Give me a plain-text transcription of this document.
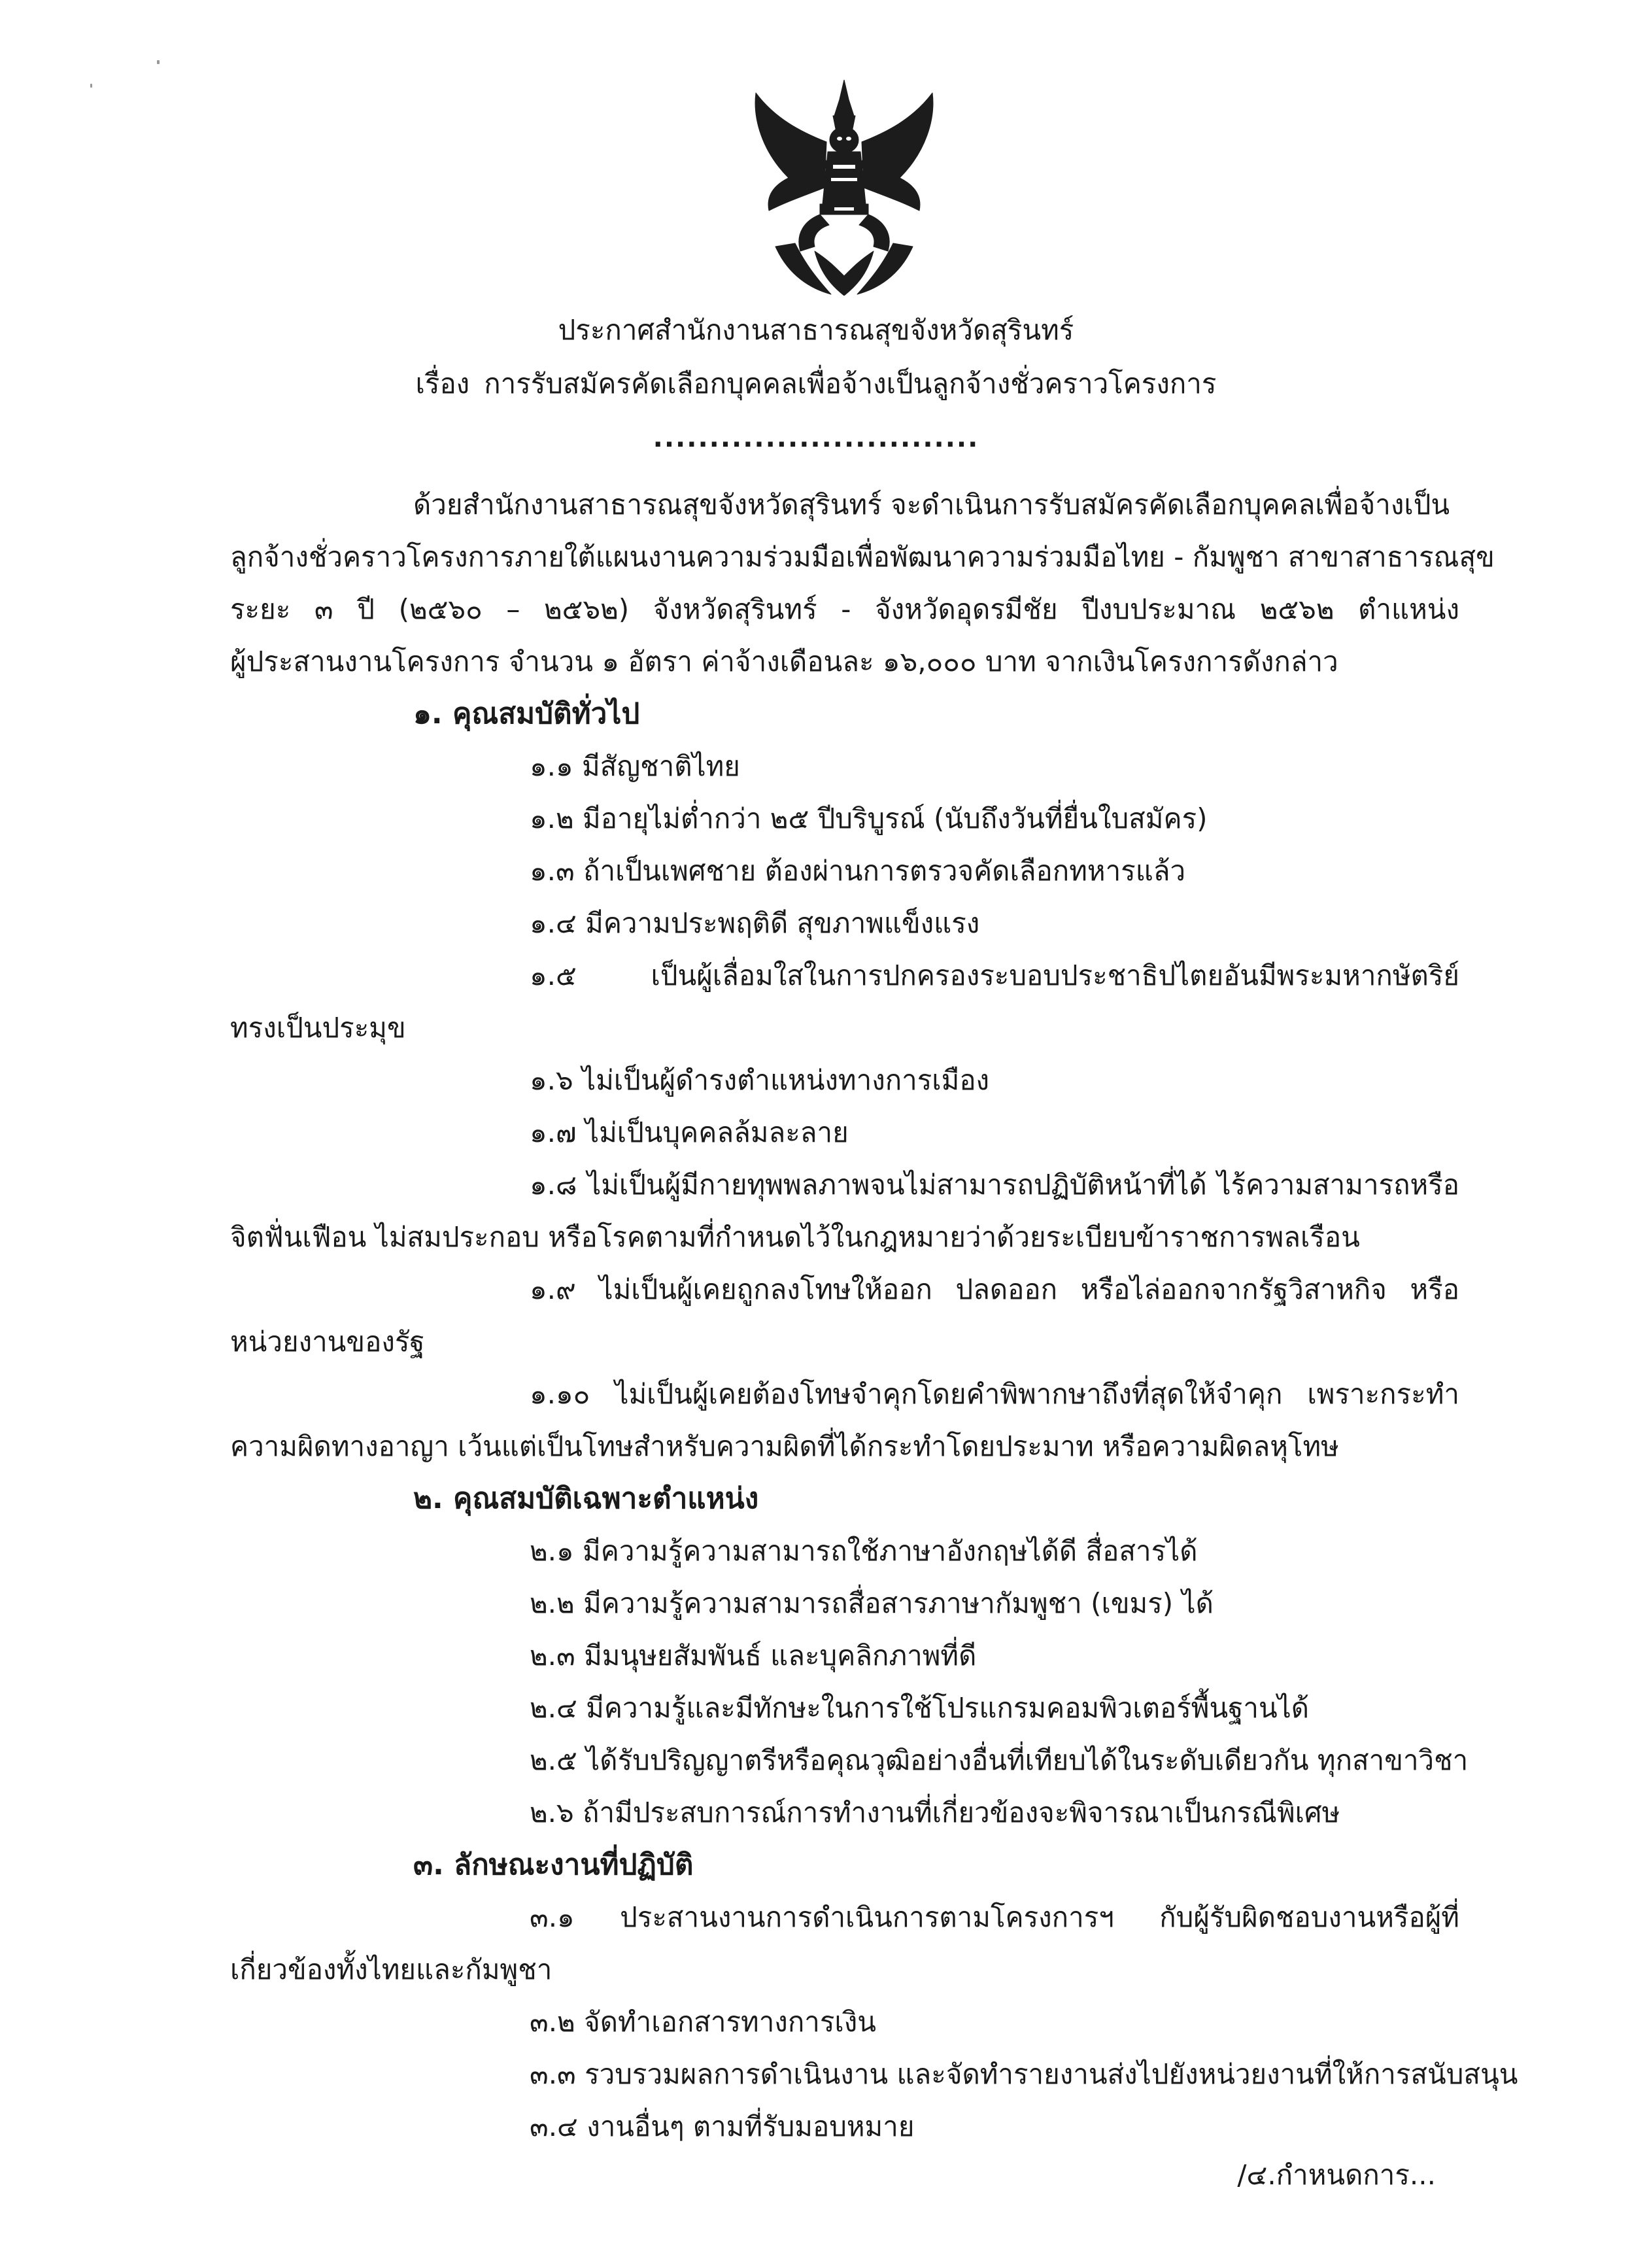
ประกาศสำนักงานสาธารณสุขจังหวัดสุรินทร์
เรื่อง การรับสมัครคัดเลือกบุคคลเพื่อจ้างเป็นลูกจ้างชั่วคราวโครงการ
.............................
ด้วยสำนักงานสาธารณสุขจังหวัดสุรินทร์ จะดำเนินการรับสมัครคัดเลือกบุคคลเพื่อจ้างเป็น
ลูกจ้างชั่วคราวโครงการภายใต้แผนงานความร่วมมือเพื่อพัฒนาความร่วมมือไทย - กัมพูชา สาขาสาธารณสุข
ระยะ ๓ ปี (๒๕๖๐ – ๒๕๖๒) จังหวัดสุรินทร์ - จังหวัดอุดรมีชัย ปีงบประมาณ ๒๕๖๒ ตำแหน่ง
ผู้ประสานงานโครงการ จำนวน ๑ อัตรา ค่าจ้างเดือนละ ๑๖,๐๐๐ บาท จากเงินโครงการดังกล่าว
๑. คุณสมบัติทั่วไป
๑.๑ มีสัญชาติไทย
๑.๒ มีอายุไม่ต่ำกว่า ๒๕ ปีบริบูรณ์ (นับถึงวันที่ยื่นใบสมัคร)
๑.๓ ถ้าเป็นเพศชาย ต้องผ่านการตรวจคัดเลือกทหารแล้ว
๑.๔ มีความประพฤติดี สุขภาพแข็งแรง
๑.๕ เป็นผู้เลื่อมใสในการปกครองระบอบประชาธิปไตยอันมีพระมหากษัตริย์
ทรงเป็นประมุข
๑.๖ ไม่เป็นผู้ดำรงตำแหน่งทางการเมือง
๑.๗ ไม่เป็นบุคคลล้มละลาย
๑.๘ ไม่เป็นผู้มีกายทุพพลภาพจนไม่สามารถปฏิบัติหน้าที่ได้ ไร้ความสามารถหรือ
จิตฟั่นเฟือน ไม่สมประกอบ หรือโรคตามที่กำหนดไว้ในกฎหมายว่าด้วยระเบียบข้าราชการพลเรือน
๑.๙ ไม่เป็นผู้เคยถูกลงโทษให้ออก ปลดออก หรือไล่ออกจากรัฐวิสาหกิจ หรือ
หน่วยงานของรัฐ
๑.๑๐ ไม่เป็นผู้เคยต้องโทษจำคุกโดยคำพิพากษาถึงที่สุดให้จำคุก เพราะกระทำ
ความผิดทางอาญา เว้นแต่เป็นโทษสำหรับความผิดที่ได้กระทำโดยประมาท หรือความผิดลหุโทษ
๒. คุณสมบัติเฉพาะตำแหน่ง
๒.๑ มีความรู้ความสามารถใช้ภาษาอังกฤษได้ดี สื่อสารได้
๒.๒ มีความรู้ความสามารถสื่อสารภาษากัมพูชา (เขมร) ได้
๒.๓ มีมนุษยสัมพันธ์ และบุคลิกภาพที่ดี
๒.๔ มีความรู้และมีทักษะในการใช้โปรแกรมคอมพิวเตอร์พื้นฐานได้
๒.๕ ได้รับปริญญาตรีหรือคุณวุฒิอย่างอื่นที่เทียบได้ในระดับเดียวกัน ทุกสาขาวิชา
๒.๖ ถ้ามีประสบการณ์การทำงานที่เกี่ยวข้องจะพิจารณาเป็นกรณีพิเศษ
๓. ลักษณะงานที่ปฏิบัติ
๓.๑ ประสานงานการดำเนินการตามโครงการฯ กับผู้รับผิดชอบงานหรือผู้ที่
เกี่ยวข้องทั้งไทยและกัมพูชา
๓.๒ จัดทำเอกสารทางการเงิน
๓.๓ รวบรวมผลการดำเนินงาน และจัดทำรายงานส่งไปยังหน่วยงานที่ให้การสนับสนุน
๓.๔ งานอื่นๆ ตามที่รับมอบหมาย
/๔.กำหนดการ...
